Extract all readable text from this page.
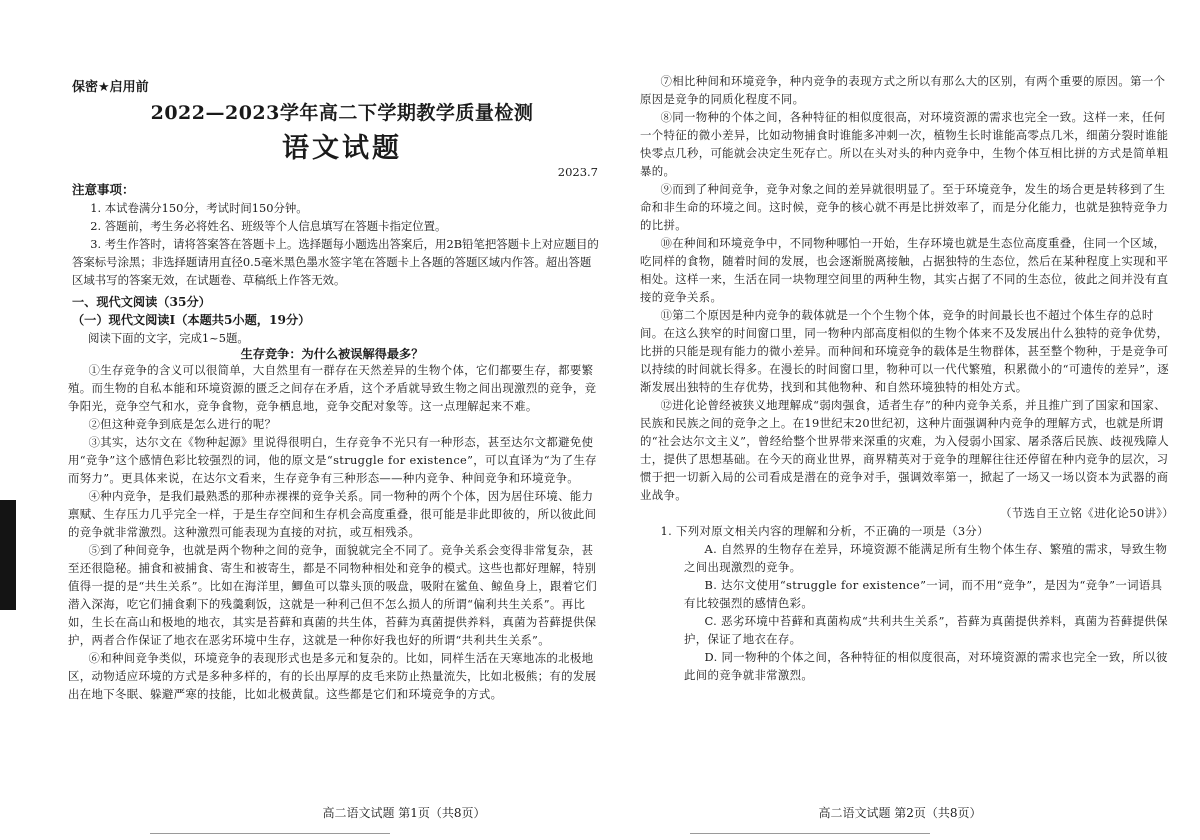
保密★启用前
2022—2023学年高二下学期教学质量检测
语文试题
2023.7
注意事项：

1. 本试卷满分150分，考试时间150分钟。

2. 答题前，考生务必将姓名、班级等个人信息填写在答题卡指定位置。

3. 考生作答时，请将答案答在答题卡上。选择题每小题选出答案后，用2B铅笔把答题卡上对应题目的答案标号涂黑；非选择题请用直径0.5毫米黑色墨水签字笔在答题卡上各题的答题区域内作答。超出答题区域书写的答案无效，在试题卷、草稿纸上作答无效。

一、现代文阅读（35分）
（一）现代文阅读Ⅰ（本题共5小题，19分）
阅读下面的文字，完成1~5题。
生存竞争：为什么被误解得最多？

①生存竞争的含义可以很简单，大自然里有一群存在天然差异的生物个体，它们都要生存，都要繁殖。而生物的自私本能和环境资源的匮乏之间存在矛盾，这个矛盾就导致生物之间出现激烈的竞争，竞争阳光，竞争空气和水，竞争食物，竞争栖息地，竞争交配对象等。这一点理解起来不难。

②但这种竞争到底是怎么进行的呢？

③其实，达尔文在《物种起源》里说得很明白，生存竞争不光只有一种形态，甚至达尔文都避免使用“竞争”这个感情色彩比较强烈的词，他的原文是“struggle for existence”，可以直译为“为了生存而努力”。更具体来说，在达尔文看来，生存竞争有三种形态——种内竞争、种间竞争和环境竞争。

④种内竞争，是我们最熟悉的那种赤裸裸的竞争关系。同一物种的两个个体，因为居住环境、能力禀赋、生存压力几乎完全一样，于是生存空间和生存机会高度重叠，很可能是非此即彼的，所以彼此间的竞争就非常激烈。这种激烈可能表现为直接的对抗，或互相残杀。

⑤到了种间竞争，也就是两个物种之间的竞争，面貌就完全不同了。竞争关系会变得非常复杂，甚至还很隐秘。捕食和被捕食、寄生和被寄生，都是不同物种相处和竞争的模式。这些也都好理解，特别值得一提的是“共生关系”。比如在海洋里，鲫鱼可以靠头顶的吸盘，吸附在鲨鱼、鲸鱼身上，跟着它们潜入深海，吃它们捕食剩下的残羹剩饭，这就是一种利己但不怎么损人的所谓“偏利共生关系”。再比如，生长在高山和极地的地衣，其实是苔藓和真菌的共生体，苔藓为真菌提供养料，真菌为苔藓提供保护，两者合作保证了地衣在恶劣环境中生存，这就是一种你好我也好的所谓“共利共生关系”。

⑥和种间竞争类似，环境竞争的表现形式也是多元和复杂的。比如，同样生活在天寒地冻的北极地区，动物适应环境的方式是多种多样的，有的长出厚厚的皮毛来防止热量流失，比如北极熊；有的发展出在地下冬眠、躲避严寒的技能，比如北极黄鼠。这些都是它们和环境竞争的方式。

高二语文试题 第1页（共8页）

⑦相比种间和环境竞争，种内竞争的表现方式之所以有那么大的区别，有两个重要的原因。第一个原因是竞争的同质化程度不同。

⑧同一物种的个体之间，各种特征的相似度很高，对环境资源的需求也完全一致。这样一来，任何一个特征的微小差异，比如动物捕食时谁能多冲刺一次，植物生长时谁能高零点几米，细菌分裂时谁能快零点几秒，可能就会决定生死存亡。所以在头对头的种内竞争中，生物个体互相比拼的方式是简单粗暴的。

⑨而到了种间竞争，竞争对象之间的差异就很明显了。至于环境竞争，发生的场合更是转移到了生命和非生命的环境之间。这时候，竞争的核心就不再是比拼效率了，而是分化能力，也就是独特竞争力的比拼。

⑩在种间和环境竞争中，不同物种哪怕一开始，生存环境也就是生态位高度重叠，住同一个区域，吃同样的食物，随着时间的发展，也会逐渐脱离接触，占据独特的生态位，然后在某种程度上实现和平相处。这样一来，生活在同一块物理空间里的两种生物，其实占据了不同的生态位，彼此之间并没有直接的竞争关系。

⑪第二个原因是种内竞争的载体就是一个个生物个体，竞争的时间最长也不超过个体生存的总时间。在这么狭窄的时间窗口里，同一物种内部高度相似的生物个体来不及发展出什么独特的竞争优势，比拼的只能是现有能力的微小差异。而种间和环境竞争的载体是生物群体，甚至整个物种，于是竞争可以持续的时间就长得多。在漫长的时间窗口里，物种可以一代代繁殖，积累微小的“可遗传的差异”，逐渐发展出独特的生存优势，找到和其他物种、和自然环境独特的相处方式。

⑫进化论曾经被狭义地理解成“弱肉强食，适者生存”的种内竞争关系，并且推广到了国家和国家、民族和民族之间的竞争之上。在19世纪末20世纪初，这种片面强调种内竞争的理解方式，也就是所谓的“社会达尔文主义”，曾经给整个世界带来深重的灾难，为入侵弱小国家、屠杀落后民族、歧视残障人士，提供了思想基础。在今天的商业世界，商界精英对于竞争的理解往往还停留在种内竞争的层次，习惯于把一切新入局的公司看成是潜在的竞争对手，强调效率第一，掀起了一场又一场以资本为武器的商业战争。

（节选自王立铭《进化论50讲》）

1. 下列对原文相关内容的理解和分析，不正确的一项是（3分）

A. 自然界的生物存在差异，环境资源不能满足所有生物个体生存、繁殖的需求，导致生物之间出现激烈的竞争。

B. 达尔文使用“struggle for existence”一词，而不用“竞争”，是因为“竞争”一词语具有比较强烈的感情色彩。

C. 恶劣环境中苔藓和真菌构成“共利共生关系”，苔藓为真菌提供养料，真菌为苔藓提供保护，保证了地衣在存。

D. 同一物种的个体之间，各种特征的相似度很高，对环境资源的需求也完全一致，所以彼此间的竞争就非常激烈。

高二语文试题 第2页（共8页）
